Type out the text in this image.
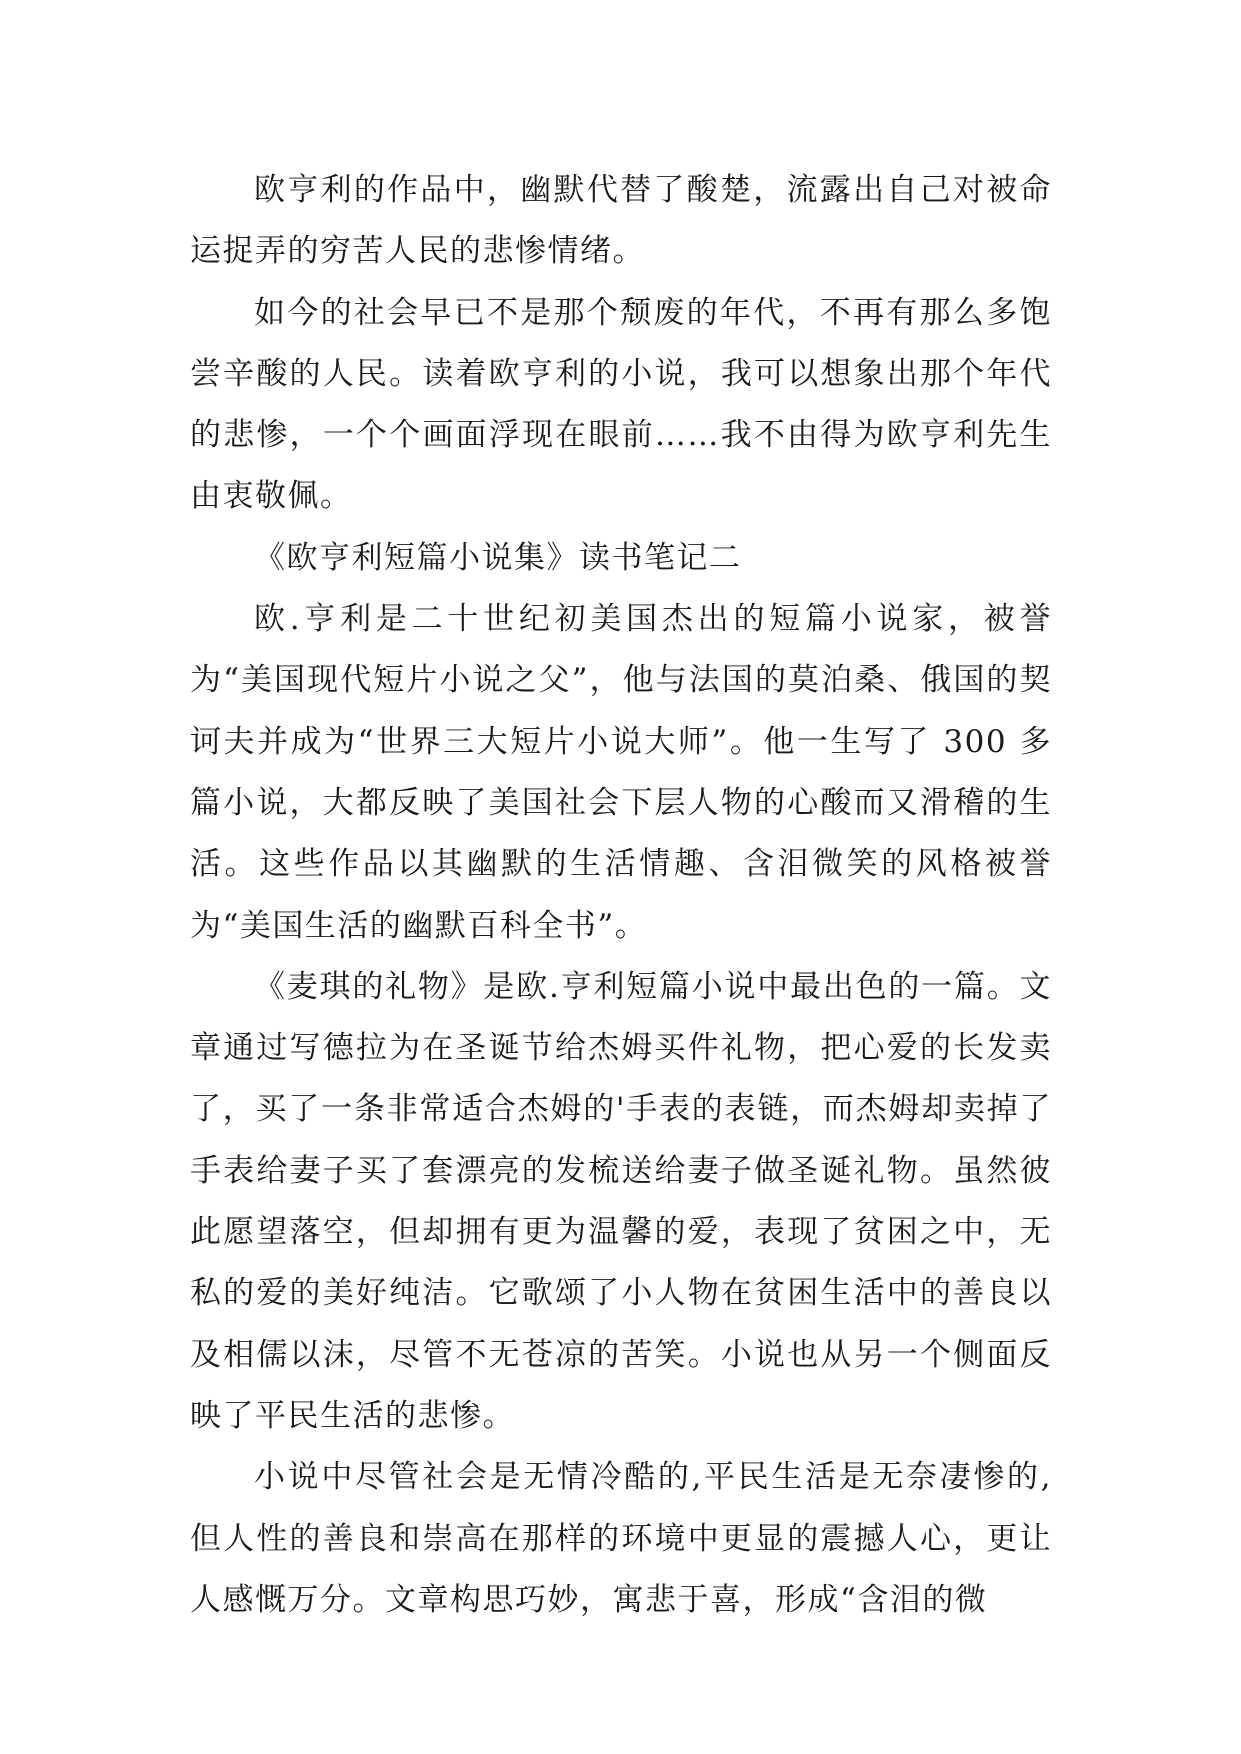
欧亨利的作品中，幽默代替了酸楚，流露出自己对被命运捉弄的穷苦人民的悲惨情绪。

如今的社会早已不是那个颓废的年代，不再有那么多饱尝辛酸的人民。读着欧亨利的小说，我可以想象出那个年代的悲惨，一个个画面浮现在眼前……我不由得为欧亨利先生由衷敬佩。

《欧亨利短篇小说集》读书笔记二

欧.亨利是二十世纪初美国杰出的短篇小说家，被誉为“美国现代短片小说之父”，他与法国的莫泊桑、俄国的契诃夫并成为“世界三大短片小说大师”。他一生写了 300 多篇小说，大都反映了美国社会下层人物的心酸而又滑稽的生活。这些作品以其幽默的生活情趣、含泪微笑的风格被誉为“美国生活的幽默百科全书”。

《麦琪的礼物》是欧.亨利短篇小说中最出色的一篇。文章通过写德拉为在圣诞节给杰姆买件礼物，把心爱的长发卖了，买了一条非常适合杰姆的'手表的表链，而杰姆却卖掉了手表给妻子买了套漂亮的发梳送给妻子做圣诞礼物。虽然彼此愿望落空，但却拥有更为温馨的爱，表现了贫困之中，无私的爱的美好纯洁。它歌颂了小人物在贫困生活中的善良以及相儒以沫，尽管不无苍凉的苦笑。小说也从另一个侧面反映了平民生活的悲惨。

小说中尽管社会是无情冷酷的,平民生活是无奈凄惨的,但人性的善良和崇高在那样的环境中更显的震撼人心，更让人感慨万分。文章构思巧妙，寓悲于喜，形成“含泪的微
